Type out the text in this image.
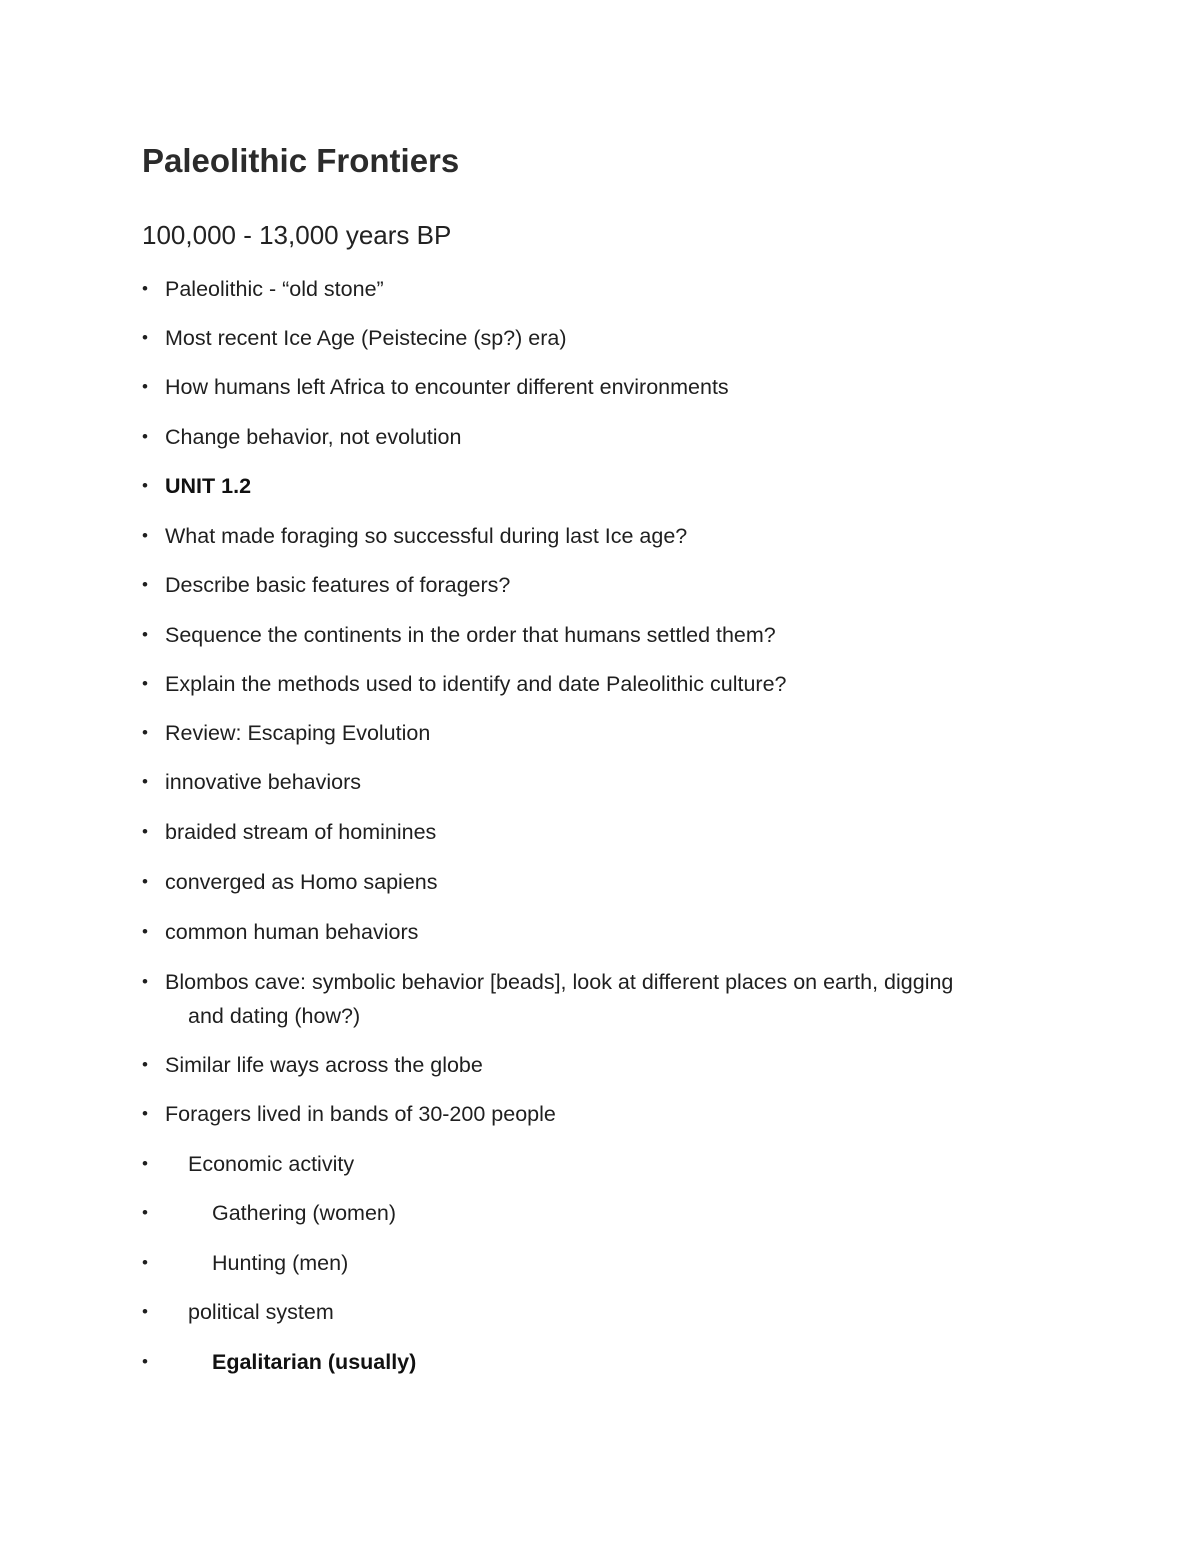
Paleolithic Frontiers
100,000 - 13,000 years BP
• Paleolithic - “old stone”
• Most recent Ice Age (Peistecine (sp?) era)
• How humans left Africa to encounter different environments
• Change behavior, not evolution
• UNIT 1.2
• What made foraging so successful during last Ice age?
• Describe basic features of foragers?
• Sequence the continents in the order that humans settled them?
• Explain the methods used to identify and date Paleolithic culture?
• Review: Escaping Evolution
• innovative behaviors
• braided stream of hominines
• converged as Homo sapiens
• common human behaviors
• Blombos cave: symbolic behavior [beads], look at different places on earth, digging
and dating (how?)
• Similar life ways across the globe
• Foragers lived in bands of 30-200 people
• Economic activity
•	Gathering (women)
•	Hunting (men)
• political system
•	Egalitarian (usually)
